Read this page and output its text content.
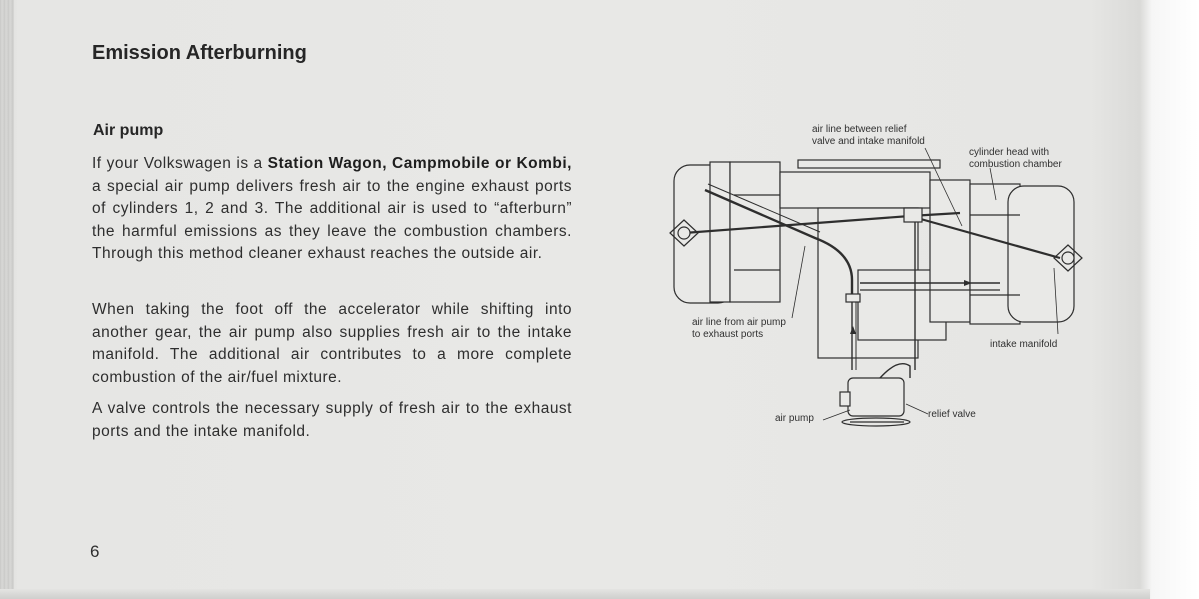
Emission Afterburning
Air pump

If your Volkswagen is a Station Wagon, Campmobile or Kombi, a special air pump delivers fresh air to the engine exhaust ports of cylinders 1, 2 and 3. The additional air is used to “afterburn” the harmful emissions as they leave the combustion chambers. Through this method cleaner exhaust reaches the outside air.

When taking the foot off the accelerator while shifting into another gear, the air pump also supplies fresh air to the intake manifold. The additional air contributes to a more complete combustion of the air/fuel mixture.

A valve controls the necessary supply of fresh air to the exhaust ports and the intake manifold.

6
air line between relief
valve and intake manifold
cylinder head with
combustion chamber
air line from air pump
to exhaust ports
intake manifold
air pump	relief valve
